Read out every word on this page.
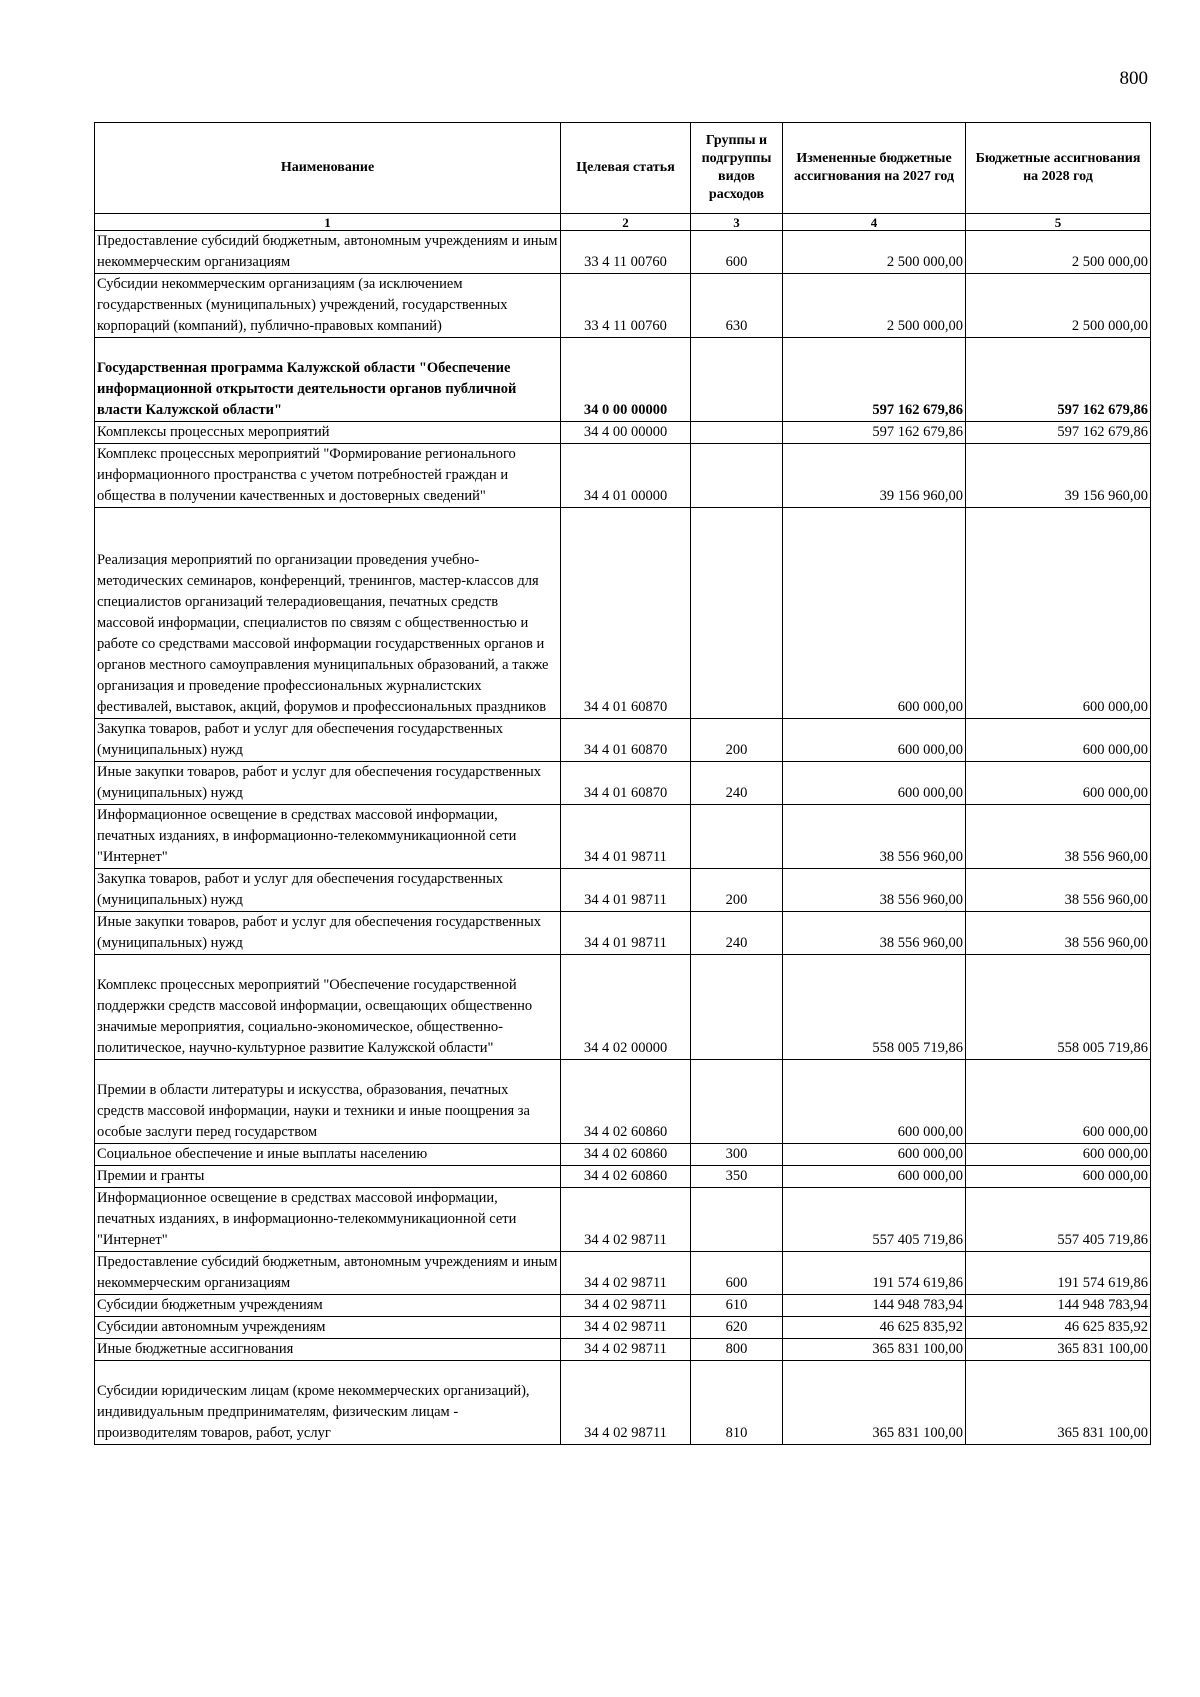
800
Наименование	Целевая статья	Группы и подгруппы видов расходов	Измененные бюджетные ассигнования на 2027 год	Бюджетные ассигнования на 2028 год
1	2	3	4	5
Предоставление субсидий бюджетным, автономным учреждениям и иным некоммерческим организациям	33 4 11 00760	600	2 500 000,00	2 500 000,00
Субсидии некоммерческим организациям (за исключением государственных (муниципальных) учреждений, государственных корпораций (компаний), публично-правовых компаний)	33 4 11 00760	630	2 500 000,00	2 500 000,00
Государственная программа Калужской области "Обеспечение информационной открытости деятельности органов публичной власти Калужской области"	34 0 00 00000		597 162 679,86	597 162 679,86
Комплексы процессных мероприятий	34 4 00 00000		597 162 679,86	597 162 679,86
Комплекс процессных мероприятий "Формирование регионального информационного пространства с учетом потребностей граждан и общества в получении качественных и достоверных сведений"	34 4 01 00000		39 156 960,00	39 156 960,00
Реализация мероприятий по организации проведения учебно-методических семинаров, конференций, тренингов, мастер-классов для специалистов организаций телерадиовещания, печатных средств массовой информации, специалистов по связям с общественностью и работе со средствами массовой информации государственных органов и органов местного самоуправления муниципальных образований, а также организация и проведение профессиональных журналистских фестивалей, выставок, акций, форумов и профессиональных праздников	34 4 01 60870		600 000,00	600 000,00
Закупка товаров, работ и услуг для обеспечения государственных (муниципальных) нужд	34 4 01 60870	200	600 000,00	600 000,00
Иные закупки товаров, работ и услуг для обеспечения государственных (муниципальных) нужд	34 4 01 60870	240	600 000,00	600 000,00
Информационное освещение в средствах массовой информации, печатных изданиях, в информационно-телекоммуникационной сети "Интернет"	34 4 01 98711		38 556 960,00	38 556 960,00
Закупка товаров, работ и услуг для обеспечения государственных (муниципальных) нужд	34 4 01 98711	200	38 556 960,00	38 556 960,00
Иные закупки товаров, работ и услуг для обеспечения государственных (муниципальных) нужд	34 4 01 98711	240	38 556 960,00	38 556 960,00
Комплекс процессных мероприятий "Обеспечение государственной поддержки средств массовой информации, освещающих общественно значимые мероприятия, социально-экономическое, общественно-политическое, научно-культурное развитие Калужской области"	34 4 02 00000		558 005 719,86	558 005 719,86
Премии в области литературы и искусства, образования, печатных средств массовой информации, науки и техники и иные поощрения за особые заслуги перед государством	34 4 02 60860		600 000,00	600 000,00
Социальное обеспечение и иные выплаты населению	34 4 02 60860	300	600 000,00	600 000,00
Премии и гранты	34 4 02 60860	350	600 000,00	600 000,00
Информационное освещение в средствах массовой информации, печатных изданиях, в информационно-телекоммуникационной сети "Интернет"	34 4 02 98711		557 405 719,86	557 405 719,86
Предоставление субсидий бюджетным, автономным учреждениям и иным некоммерческим организациям	34 4 02 98711	600	191 574 619,86	191 574 619,86
Субсидии бюджетным учреждениям	34 4 02 98711	610	144 948 783,94	144 948 783,94
Субсидии автономным учреждениям	34 4 02 98711	620	46 625 835,92	46 625 835,92
Иные бюджетные ассигнования	34 4 02 98711	800	365 831 100,00	365 831 100,00
Субсидии юридическим лицам (кроме некоммерческих организаций), индивидуальным предпринимателям, физическим лицам - производителям товаров, работ, услуг	34 4 02 98711	810	365 831 100,00	365 831 100,00
